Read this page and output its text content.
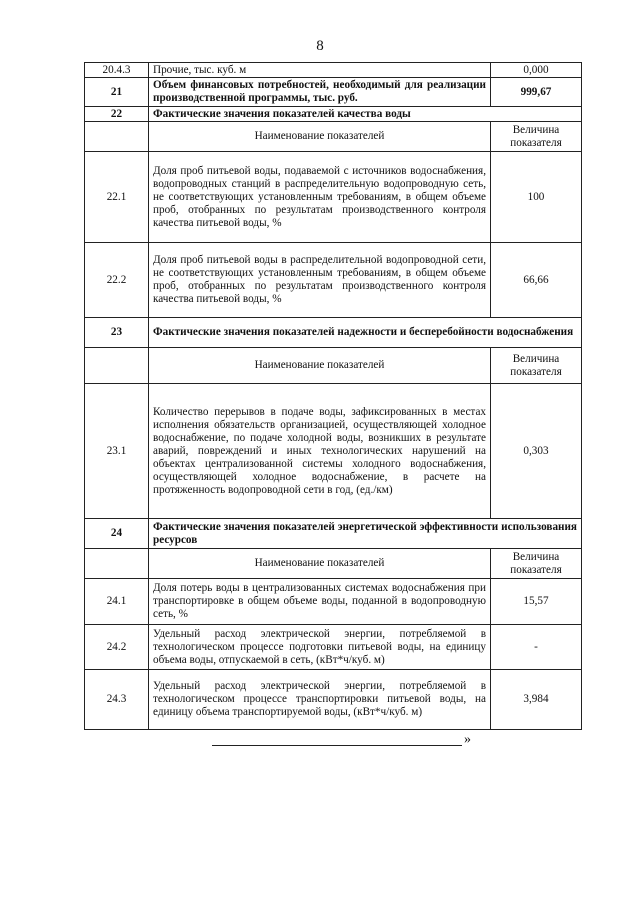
8
20.4.3	Прочие, тыс. куб. м	0,000
21	Объем финансовых потребностей, необходимый для реализации производственной программы, тыс. руб.	999,67
22	Фактические значения показателей качества воды	
	Наименование показателей	Величина показателя
22.1	Доля проб питьевой воды, подаваемой с источников водоснабжения, водопроводных станций в распределительную водопроводную сеть, не соответствующих установленным требованиям, в общем объеме проб, отобранных по результатам производственного контроля качества питьевой воды, %	100
22.2	Доля проб питьевой воды в распределительной водопроводной сети, не соответствующих установленным требованиям, в общем объеме проб, отобранных по результатам производственного контроля качества питьевой воды, %	66,66
23	Фактические значения показателей надежности и бесперебойности водоснабжения	
	Наименование показателей	Величина показателя
23.1	Количество перерывов в подаче воды, зафиксированных в местах исполнения обязательств организацией, осуществляющей холодное водоснабжение, по подаче холодной воды, возникших в результате аварий, повреждений и иных технологических нарушений на объектах централизованной системы холодного водоснабжения, осуществляющей холодное водоснабжение, в расчете на протяженность водопроводной сети в год, (ед./км)	0,303
24	Фактические значения показателей энергетической эффективности использования ресурсов	
	Наименование показателей	Величина показателя
24.1	Доля потерь воды в централизованных системах водоснабжения при транспортировке в общем объеме воды, поданной в водопроводную сеть, %	15,57
24.2	Удельный расход электрической энергии, потребляемой в технологическом процессе подготовки питьевой воды, на единицу объема воды, отпускаемой в сеть, (кВт*ч/куб. м)	-
24.3	Удельный расход электрической энергии, потребляемой в технологическом процессе транспортировки питьевой воды, на единицу объема транспортируемой воды, (кВт*ч/куб. м)	3,984
»
